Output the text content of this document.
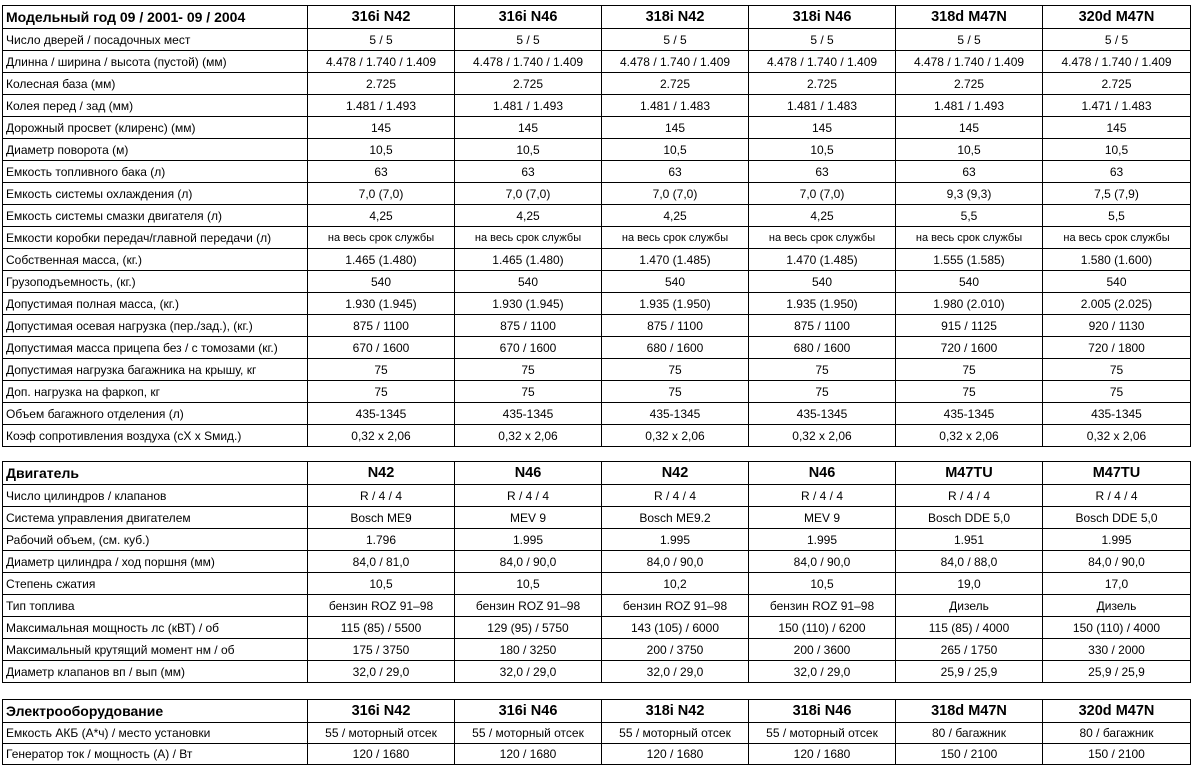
Модельный год 09 / 2001- 09 / 2004	316i N42	316i N46	318i N42	318i N46	318d M47N	320d M47N
Число дверей / посадочных мест	5 / 5	5 / 5	5 / 5	5 / 5	5 / 5	5 / 5
Длинна / ширина / высота (пустой) (мм)	4.478 / 1.740 / 1.409	4.478 / 1.740 / 1.409	4.478 / 1.740 / 1.409	4.478 / 1.740 / 1.409	4.478 / 1.740 / 1.409	4.478 / 1.740 / 1.409
Колесная база (мм)	2.725	2.725	2.725	2.725	2.725	2.725
Колея перед / зад (мм)	1.481 / 1.493	1.481 / 1.493	1.481 / 1.483	1.481 / 1.483	1.481 / 1.493	1.471 / 1.483
Дорожный просвет (клиренс) (мм)	145	145	145	145	145	145
Диаметр поворота (м)	10,5	10,5	10,5	10,5	10,5	10,5
Емкость топливного бака (л)	63	63	63	63	63	63
Емкость системы охлаждения (л)	7,0 (7,0)	7,0 (7,0)	7,0 (7,0)	7,0 (7,0)	9,3 (9,3)	7,5 (7,9)
Емкость системы смазки двигателя (л)	4,25	4,25	4,25	4,25	5,5	5,5
Емкости коробки передач/главной передачи (л)	на весь срок службы	на весь срок службы	на весь срок службы	на весь срок службы	на весь срок службы	на весь срок службы
Собственная масса, (кг.)	1.465 (1.480)	1.465 (1.480)	1.470 (1.485)	1.470 (1.485)	1.555 (1.585)	1.580 (1.600)
Грузоподъемность, (кг.)	540	540	540	540	540	540
Допустимая полная масса, (кг.)	1.930 (1.945)	1.930 (1.945)	1.935 (1.950)	1.935 (1.950)	1.980 (2.010)	2.005 (2.025)
Допустимая осевая нагрузка (пер./зад.), (кг.)	875 / 1100	875 / 1100	875 / 1100	875 / 1100	915 / 1125	920 / 1130
Допустимая масса прицепа без / с томозами (кг.)	670 / 1600	670 / 1600	680 / 1600	680 / 1600	720 / 1600	720 / 1800
Допустимая нагрузка багажника на крышу, кг	75	75	75	75	75	75
Доп. нагрузка на фаркоп, кг	75	75	75	75	75	75
Объем багажного отделения (л)	435-1345	435-1345	435-1345	435-1345	435-1345	435-1345
Коэф сопротивления воздуха (cX x Sмид.)	0,32 x 2,06	0,32 x 2,06	0,32 x 2,06	0,32 x 2,06	0,32 x 2,06	0,32 x 2,06
Двигатель	N42	N46	N42	N46	M47TU	M47TU
Число цилиндров / клапанов	R / 4 / 4	R / 4 / 4	R / 4 / 4	R / 4 / 4	R / 4 / 4	R / 4 / 4
Система управления двигателем	Bosch ME9	MEV 9	Bosch ME9.2	MEV 9	Bosch DDE 5,0	Bosch DDE 5,0
Рабочий объем, (см. куб.)	1.796	1.995	1.995	1.995	1.951	1.995
Диаметр цилиндра / ход поршня (мм)	84,0 / 81,0	84,0 / 90,0	84,0 / 90,0	84,0 / 90,0	84,0 / 88,0	84,0 / 90,0
Степень сжатия	10,5	10,5	10,2	10,5	19,0	17,0
Тип топлива	бензин ROZ 91–98	бензин ROZ 91–98	бензин ROZ 91–98	бензин ROZ 91–98	Дизель	Дизель
Максимальная мощность лс (кВТ) / об	115 (85) / 5500	129 (95) / 5750	143 (105) / 6000	150 (110) / 6200	115 (85) / 4000	150 (110) / 4000
Максимальный крутящий момент нм / об	175 / 3750	180 / 3250	200 / 3750	200 / 3600	265 / 1750	330 / 2000
Диаметр клапанов вп / вып (мм)	32,0 / 29,0	32,0 / 29,0	32,0 / 29,0	32,0 / 29,0	25,9 / 25,9	25,9 / 25,9
Электрооборудование	316i N42	316i N46	318i N42	318i N46	318d M47N	320d M47N
Емкость АКБ (А*ч) / место установки	55 / моторный отсек	55 / моторный отсек	55 / моторный отсек	55 / моторный отсек	80 / багажник	80 / багажник
Генератор ток / мощность (А) / Вт	120 / 1680	120 / 1680	120 / 1680	120 / 1680	150 / 2100	150 / 2100
